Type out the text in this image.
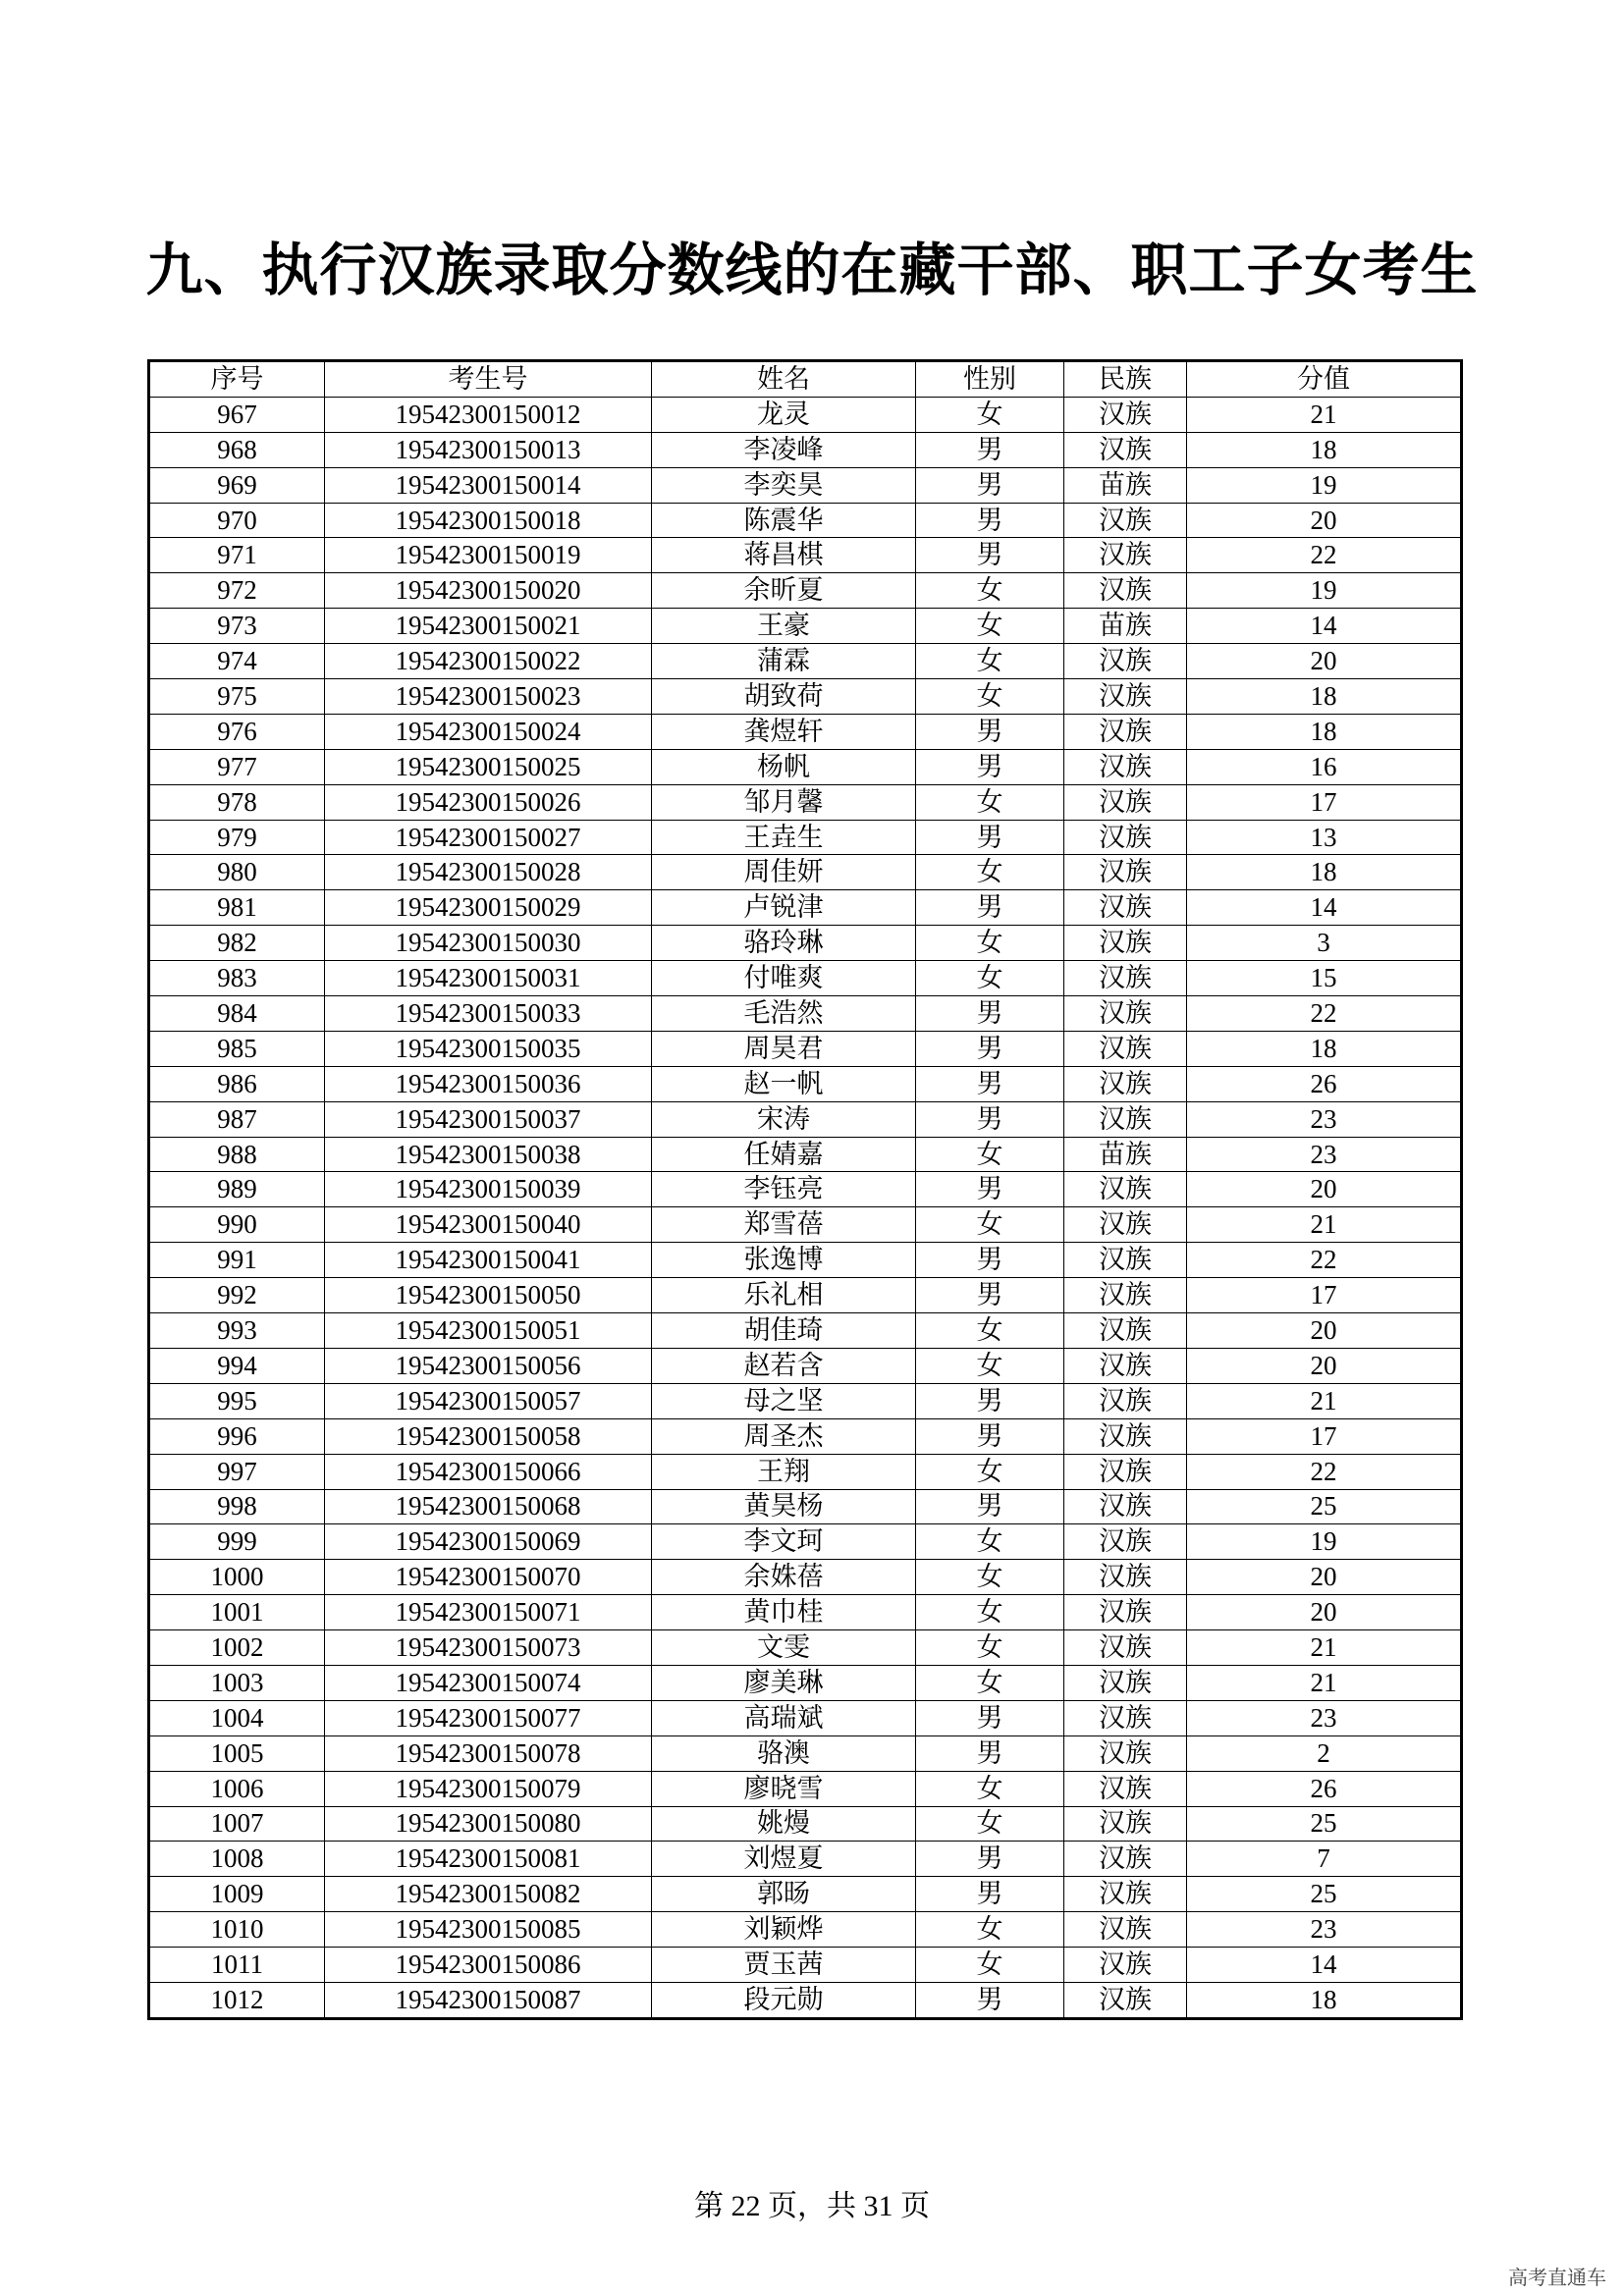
九、执行汉族录取分数线的在藏干部、职工子女考生
序号	考生号	姓名	性别	民族	分值
967	19542300150012	龙灵	女	汉族	21
968	19542300150013	李凌峰	男	汉族	18
969	19542300150014	李奕昊	男	苗族	19
970	19542300150018	陈震华	男	汉族	20
971	19542300150019	蒋昌棋	男	汉族	22
972	19542300150020	余昕夏	女	汉族	19
973	19542300150021	王豪	女	苗族	14
974	19542300150022	蒲霖	女	汉族	20
975	19542300150023	胡致荷	女	汉族	18
976	19542300150024	龚煜轩	男	汉族	18
977	19542300150025	杨帆	男	汉族	16
978	19542300150026	邹月馨	女	汉族	17
979	19542300150027	王垚生	男	汉族	13
980	19542300150028	周佳妍	女	汉族	18
981	19542300150029	卢锐津	男	汉族	14
982	19542300150030	骆玲琳	女	汉族	3
983	19542300150031	付唯爽	女	汉族	15
984	19542300150033	毛浩然	男	汉族	22
985	19542300150035	周昊君	男	汉族	18
986	19542300150036	赵一帆	男	汉族	26
987	19542300150037	宋涛	男	汉族	23
988	19542300150038	任婧嘉	女	苗族	23
989	19542300150039	李钰亮	男	汉族	20
990	19542300150040	郑雪蓓	女	汉族	21
991	19542300150041	张逸博	男	汉族	22
992	19542300150050	乐礼相	男	汉族	17
993	19542300150051	胡佳琦	女	汉族	20
994	19542300150056	赵若含	女	汉族	20
995	19542300150057	母之坚	男	汉族	21
996	19542300150058	周圣杰	男	汉族	17
997	19542300150066	王翔	女	汉族	22
998	19542300150068	黄昊杨	男	汉族	25
999	19542300150069	李文珂	女	汉族	19
1000	19542300150070	余姝蓓	女	汉族	20
1001	19542300150071	黄巾桂	女	汉族	20
1002	19542300150073	文雯	女	汉族	21
1003	19542300150074	廖美琳	女	汉族	21
1004	19542300150077	高瑞斌	男	汉族	23
1005	19542300150078	骆澳	男	汉族	2
1006	19542300150079	廖晓雪	女	汉族	26
1007	19542300150080	姚熳	女	汉族	25
1008	19542300150081	刘煜夏	男	汉族	7
1009	19542300150082	郭旸	男	汉族	25
1010	19542300150085	刘颖烨	女	汉族	23
1011	19542300150086	贾玉茜	女	汉族	14
1012	19542300150087	段元勋	男	汉族	18
第 22 页，共 31 页
高考直通车
